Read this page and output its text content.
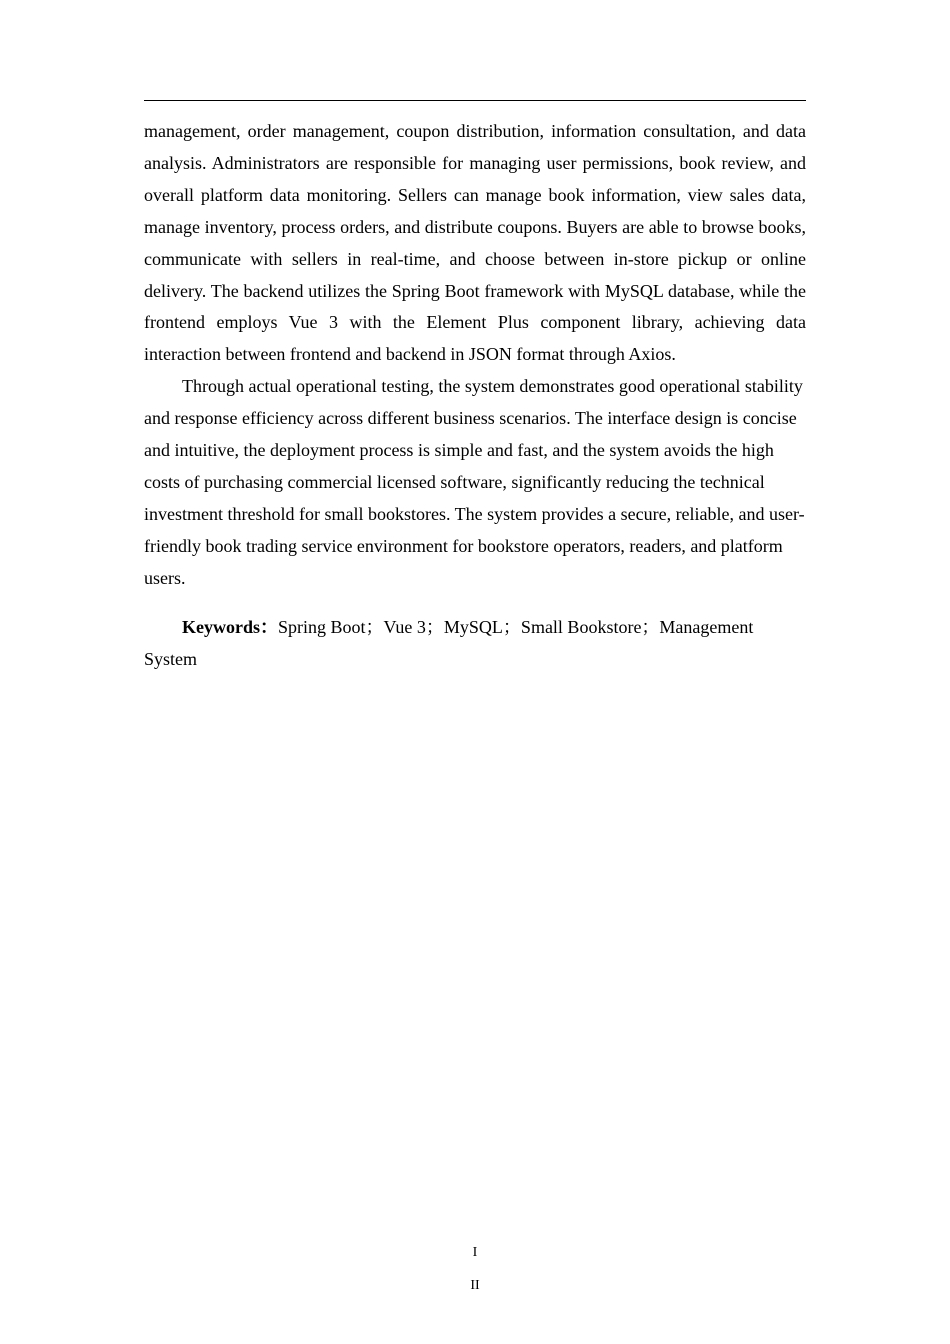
management, order management, coupon distribution, information consultation, and data analysis. Administrators are responsible for managing user permissions, book review, and overall platform data monitoring. Sellers can manage book information, view sales data, manage inventory, process orders, and distribute coupons. Buyers are able to browse books, communicate with sellers in real-time, and choose between in-store pickup or online delivery. The backend utilizes the Spring Boot framework with MySQL database, while the frontend employs Vue 3 with the Element Plus component library, achieving data interaction between frontend and backend in JSON format through Axios.

Through actual operational testing, the system demonstrates good operational stability and response efficiency across different business scenarios. The interface design is concise and intuitive, the deployment process is simple and fast, and the system avoids the high costs of purchasing commercial licensed software, significantly reducing the technical investment threshold for small bookstores. The system provides a secure, reliable, and user-friendly book trading service environment for bookstore operators, readers, and platform users.

Keywords：Spring Boot；Vue 3；MySQL；Small Bookstore；Management System

I
II
